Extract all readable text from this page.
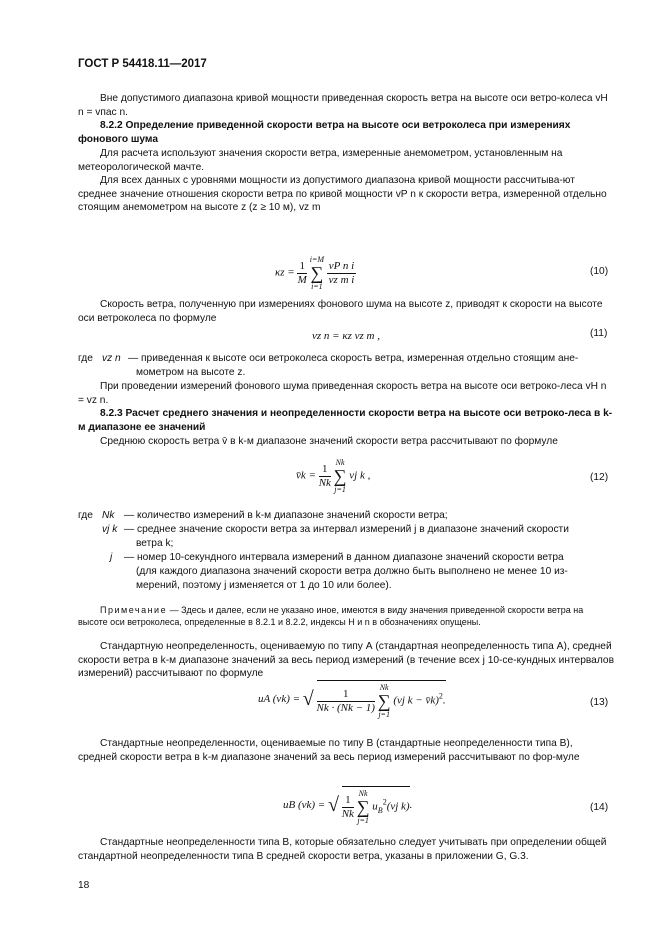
ГОСТ Р 54418.11—2017
Вне допустимого диапазона кривой мощности приведенная скорость ветра на высоте оси ветро-колеса vH n = vпас n.
8.2.2 Определение приведенной скорости ветра на высоте оси ветроколеса при измерениях фонового шума
Для расчета используют значения скорости ветра, измеренные анемометром, установленным на метеорологической мачте.
Для всех данных с уровнями мощности из допустимого диапазона кривой мощности рассчитыва-ют среднее значение отношения скорости ветра по кривой мощности vP n к скорости ветра, измеренной отдельно стоящим анемометром на высоте z (z ≥ 10 м), vz m
$\kappa z = \frac{1}{M} i=M$
∑
$i=1 \frac{\text{vP n i}}{\text{vz m i}}$	(10)
Скорость ветра, полученную при измерениях фонового шума на высоте z, приводят к скорости на высоте оси ветроколеса по формуле
vz n = κz vz m ,	(11)
где vz n — приведенная к высоте оси ветроколеса скорость ветра, измеренная отдельно стоящим ане-
мометром на высоте z.
При проведении измерений фонового шума приведенная скорость ветра на высоте оси ветроко-леса vH n = vz n.
8.2.3 Расчет среднего значения и неопределенности скорости ветра на высоте оси ветроко-леса в k-м диапазоне ее значений
Среднюю скорость ветра v̄ в k-м диапазоне значений скорости ветра рассчитывают по формуле
v̄k = $\frac{1}{Nk}$ Nk
∑
j=1 vj k ,	(12)
где Nk — количество измерений в k-м диапазоне значений скорости ветра;
vj k — среднее значение скорости ветра за интервал измерений j в диапазоне значений скорости
ветра k;
j — номер 10-секундного интервала измерений в данном диапазоне значений скорости ветра
(для каждого диапазона значений скорости ветра должно быть выполнено не менее 10 из-
мерений, поэтому j изменяется от 1 до 10 или более).
Примечание — Здесь и далее, если не указано иное, имеются в виду значения приведенной скорости ветра на высоте оси ветроколеса, определенные в 8.2.1 и 8.2.2, индексы H и n в обозначениях опущены.
Стандартную неопределенность, оцениваемую по типу А (стандартная неопределенность типа А), средней скорости ветра в k-м диапазоне значений за весь период измерений (в течение всех j 10-се-кундных интервалов измерений) рассчитывают по формуле
uA (vk) = √ $\frac{1}{Nk \cdot (Nk - 1)}$ Nk
∑
j=1 (vj k − v̄k)$^2$.	(13)
Стандартные неопределенности, оцениваемые по типу В (стандартные неопределенности типа В), средней скорости ветра в k-м диапазоне значений за весь период измерений рассчитывают по фор-муле
uB (vk) = √ $\frac{1}{Nk}$ Nk
∑
j=1 $u_B^2(vj$ k).	(14)
Стандартные неопределенности типа В, которые обязательно следует учитывать при определении общей стандартной неопределенности типа В средней скорости ветра, указаны в приложении G, G.3.
18
